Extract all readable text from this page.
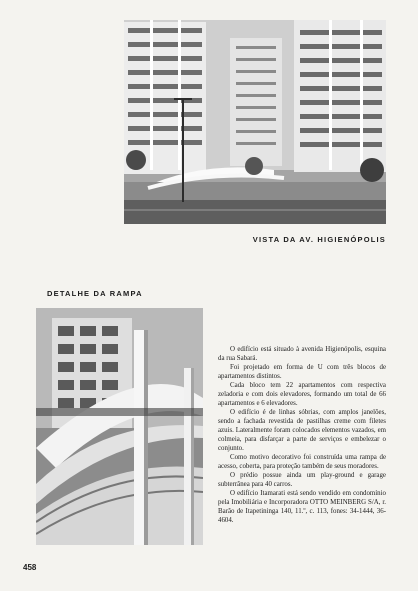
VISTA DA AV. HIGIENÓPOLIS
DETALHE DA RAMPA

O edifício está situado à avenida Higienópolis, esquina da rua Sabará.

Foi projetado em forma de U com três blocos de apartamentos distintos.

Cada bloco tem 22 apartamentos com respectiva zeladoria e com dois elevadores, formando um total de 66 apartamentos e 6 elevadores.

O edifício é de linhas sóbrias, com amplos janelões, sendo a fachada revestida de pastilhas creme com filetes azuis. Lateralmente foram colocados elementos vazados, em colmeia, para disfarçar a parte de serviços e embelezar o conjunto.

Como motivo decorativo foi construída uma rampa de acesso, coberta, para proteção também de seus moradores.

O prédio possue ainda um play-ground e garage subterrânea para 40 carros.

O edifício Itamarati está sendo vendido em condomínio pela Imobiliária e Incorporadora OTTO MEINBERG S/A, r. Barão de Itapetininga 140, 11.º, c. 113, fones: 34-1444, 36-4604.

458
